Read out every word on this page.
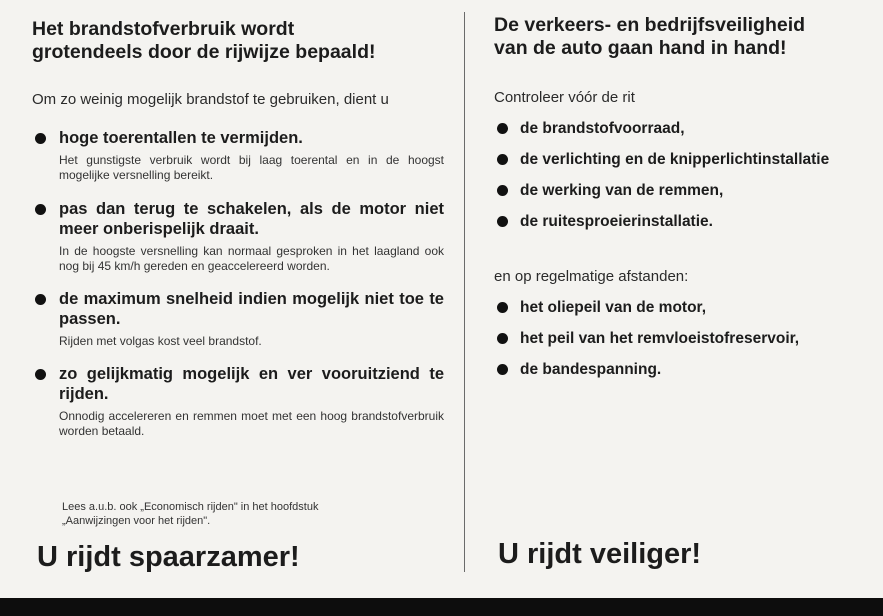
Het brandstofverbruik wordt
grotendeels door de rijwijze bepaald!

Om zo weinig mogelijk brandstof te gebruiken, dient u

hoge toerentallen te vermijden.
Het gunstigste verbruik wordt bij laag toerental en in de hoogst mogelijke versnelling bereikt.
pas dan terug te schakelen, als de motor niet meer onberispelijk draait.
In de hoogste versnelling kan normaal gesproken in het laagland ook nog bij 45 km/h gereden en geaccelereerd worden.
de maximum snelheid indien mogelijk niet toe te passen.
Rijden met volgas kost veel brandstof.
zo gelijkmatig mogelijk en ver vooruitziend te rijden.
Onnodig accelereren en remmen moet met een hoog brandstofverbruik worden betaald.

Lees a.u.b. ook „Economisch rijden" in het hoofdstuk
„Aanwijzingen voor het rijden".

U rijdt spaarzamer!

De verkeers- en bedrijfsveiligheid
van de auto gaan hand in hand!

Controleer vóór de rit

de brandstofvoorraad,
de verlichting en de knipperlichtinstallatie
de werking van de remmen,
de ruitesproeierinstallatie.

en op regelmatige afstanden:

het oliepeil van de motor,
het peil van het remvloeistofreservoir,
de bandespanning.

U rijdt veiliger!
